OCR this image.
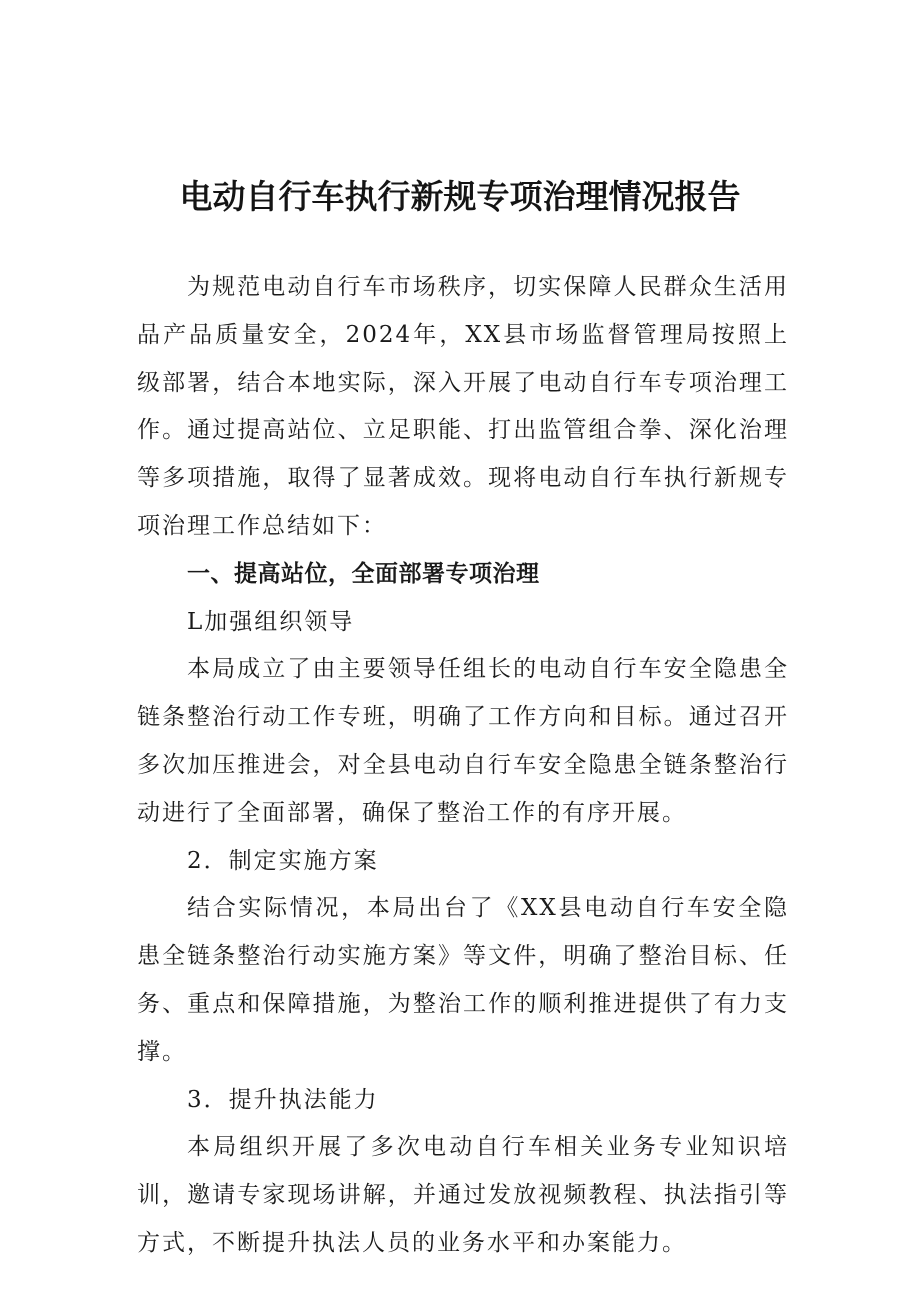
电动自行车执行新规专项治理情况报告

为规范电动自行车市场秩序，切实保障人民群众生活用品产品质量安全，2024年，XX县市场监督管理局按照上级部署，结合本地实际，深入开展了电动自行车专项治理工作。通过提高站位、立足职能、打出监管组合拳、深化治理等多项措施，取得了显著成效。现将电动自行车执行新规专项治理工作总结如下：

一、提高站位，全面部署专项治理

L加强组织领导

本局成立了由主要领导任组长的电动自行车安全隐患全链条整治行动工作专班，明确了工作方向和目标。通过召开多次加压推进会，对全县电动自行车安全隐患全链条整治行动进行了全面部署，确保了整治工作的有序开展。

2．制定实施方案

结合实际情况，本局出台了《XX县电动自行车安全隐患全链条整治行动实施方案》等文件，明确了整治目标、任务、重点和保障措施，为整治工作的顺利推进提供了有力支撑。

3．提升执法能力

本局组织开展了多次电动自行车相关业务专业知识培训，邀请专家现场讲解，并通过发放视频教程、执法指引等方式，不断提升执法人员的业务水平和办案能力。
